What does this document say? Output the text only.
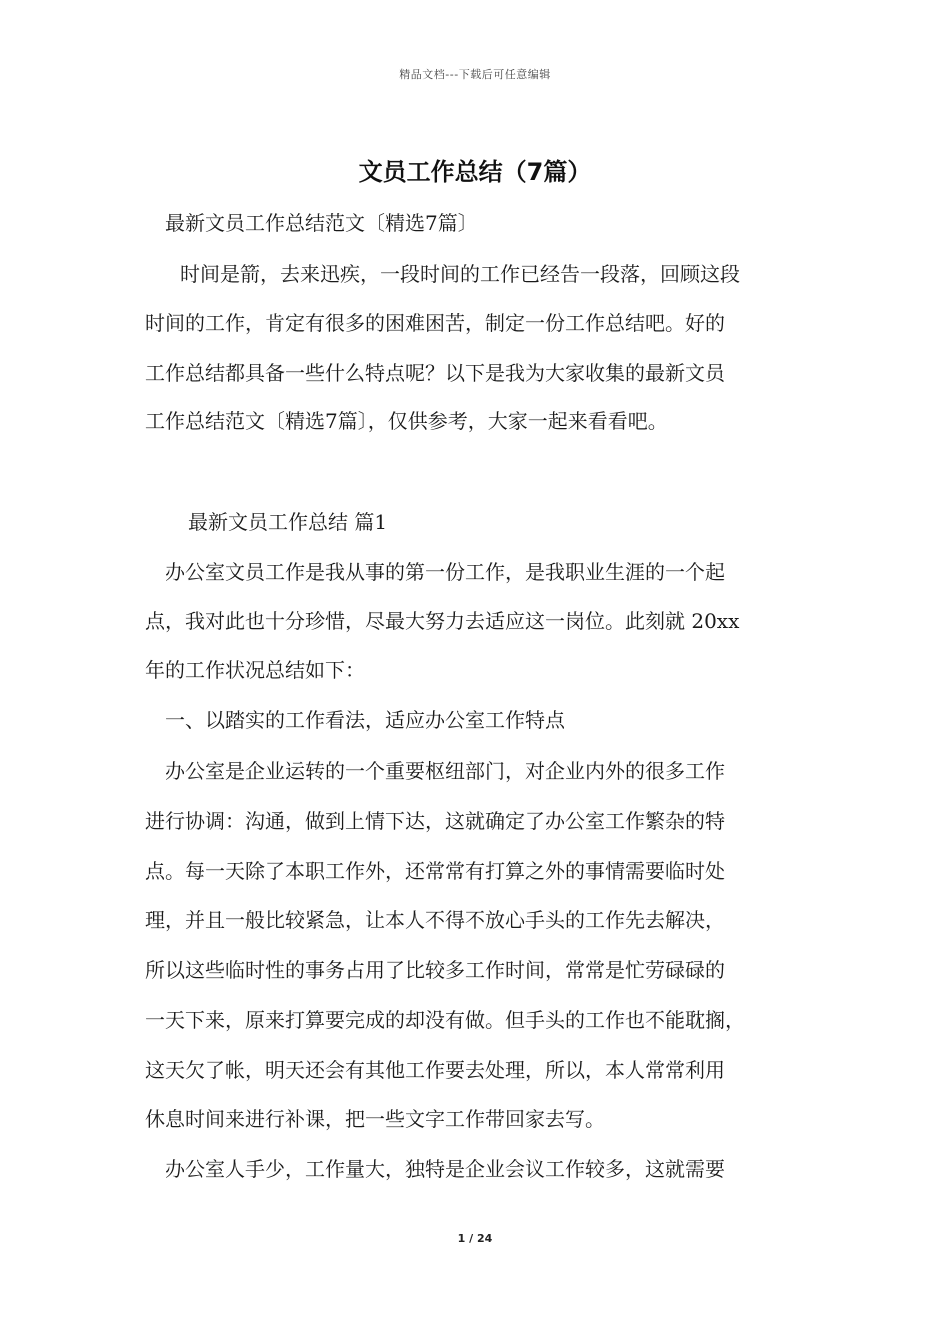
精品文档---下载后可任意编辑
文员工作总结（7篇）
最新文员工作总结范文〔精选7篇〕
时间是箭，去来迅疾，一段时间的工作已经告一段落，回顾这段
时间的工作，肯定有很多的困难困苦，制定一份工作总结吧。好的
工作总结都具备一些什么特点呢？以下是我为大家收集的最新文员
工作总结范文〔精选7篇〕，仅供参考，大家一起来看看吧。
最新文员工作总结 篇1
办公室文员工作是我从事的第一份工作，是我职业生涯的一个起
点，我对此也十分珍惜，尽最大努力去适应这一岗位。此刻就 20xx
年的工作状况总结如下：
一、以踏实的工作看法，适应办公室工作特点
办公室是企业运转的一个重要枢纽部门，对企业内外的很多工作
进行协调：沟通，做到上情下达，这就确定了办公室工作繁杂的特
点。每一天除了本职工作外，还常常有打算之外的事情需要临时处
理，并且一般比较紧急，让本人不得不放心手头的工作先去解决，
所以这些临时性的事务占用了比较多工作时间，常常是忙劳碌碌的
一天下来，原来打算要完成的却没有做。但手头的工作也不能耽搁，
这天欠了帐，明天还会有其他工作要去处理，所以，本人常常利用
休息时间来进行补课，把一些文字工作带回家去写。
办公室人手少，工作量大，独特是企业会议工作较多，这就需要
1 / 24
